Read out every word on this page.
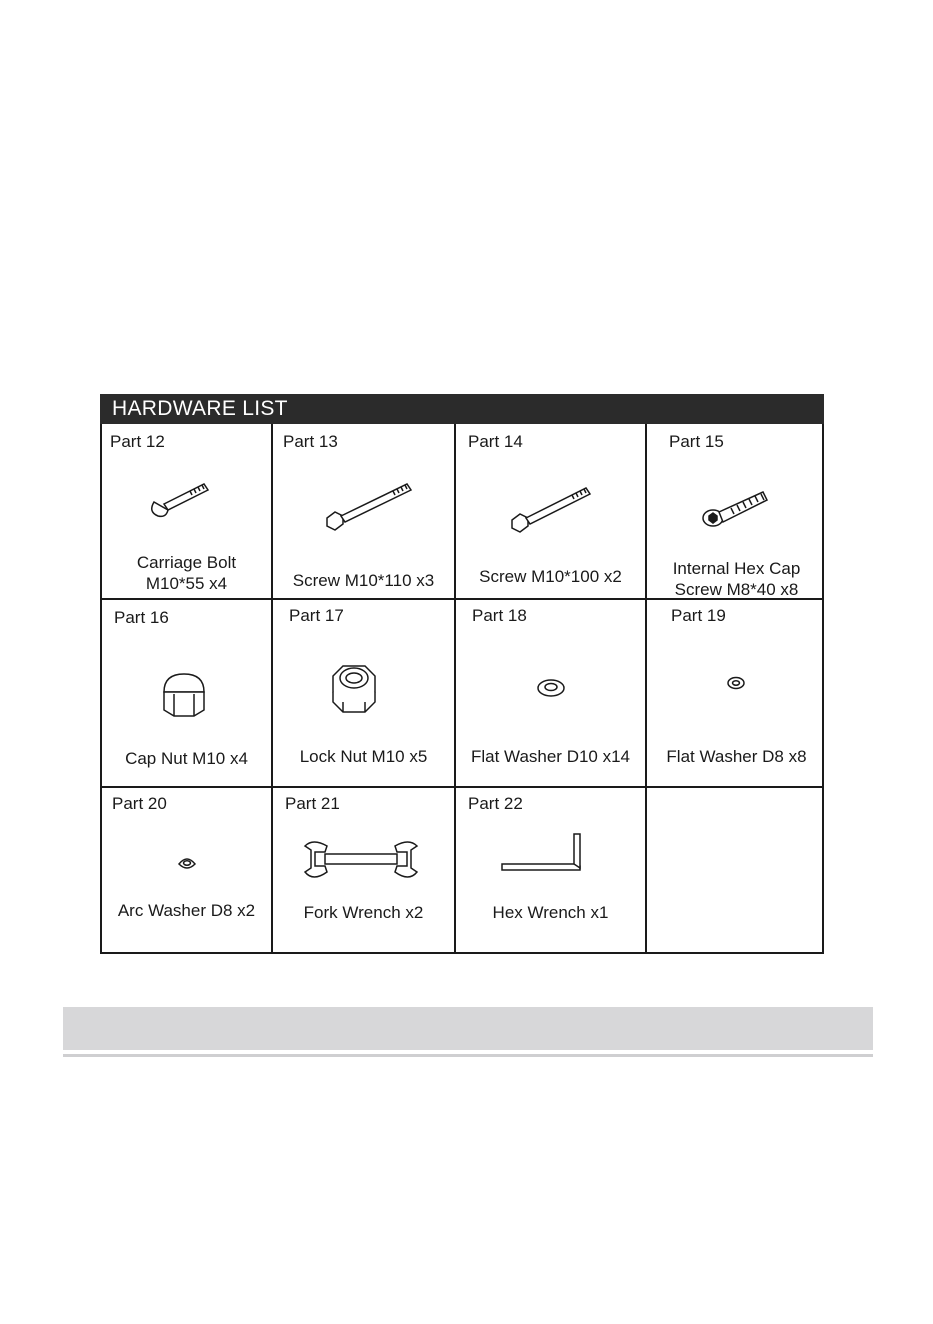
HARDWARE LIST
Part 12
Carriage Bolt
M10*55 x4
Part 13
Screw M10*110 x3
Part 14
Screw M10*100 x2
Part 15
Internal Hex Cap
Screw M8*40 x8
Part 16
Cap Nut M10 x4
Part 17
Lock Nut M10 x5
Part 18
Flat Washer D10 x14
Part 19
Flat Washer D8 x8
Part 20
Arc Washer D8 x2
Part 21
Fork Wrench x2
Part 22
Hex Wrench x1
